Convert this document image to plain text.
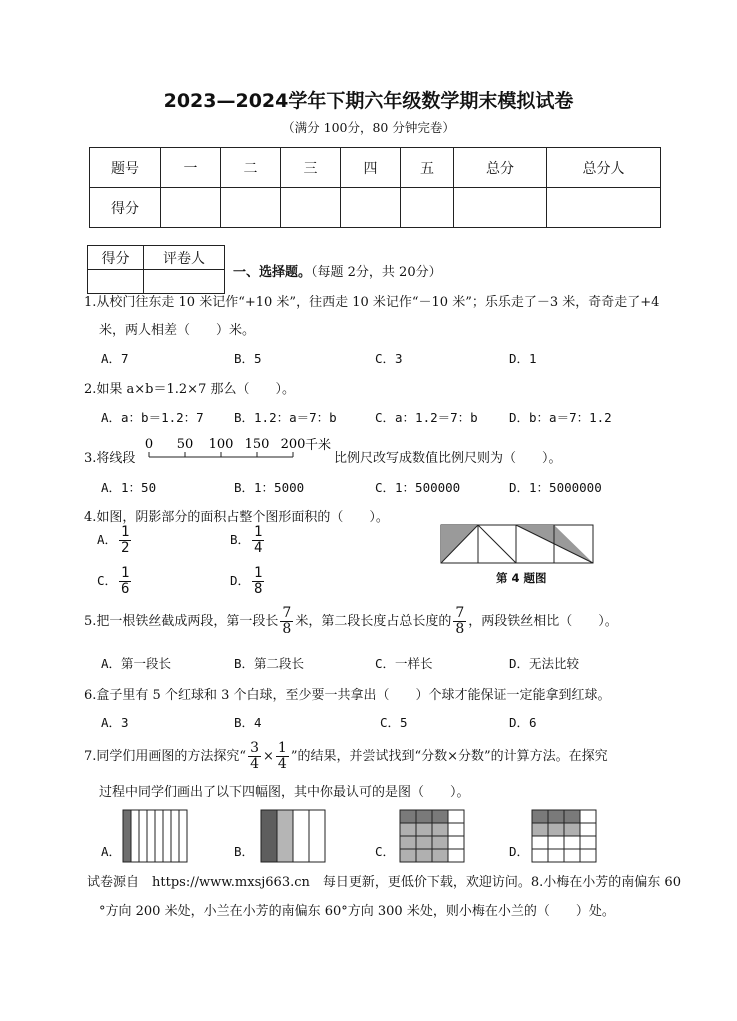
2023—2024学年下期六年级数学期末模拟试卷
（满分 100分，80 分钟完卷）
题号	一	二	三	四	五	总分	总分人
得分							
得分	评卷人

一、选择题。（每题 2分，共 20分）
1.从校门往东走 10 米记作“+10 米”，往西走 10 米记作“－10 米”；乐乐走了－3 米，奇奇走了+4
米，两人相差（　　）米。
A．7	B．5	C．3	D．1
2.如果 a×b＝1.2×7 那么（　　）。
A．a：b＝1.2：7 B．1.2：a＝7：b	C．a：1.2＝7：b	D．b：a＝7：1.2
3.将线段
0 50 100 150 200 千米
比例尺改写成数值比例尺则为（　　）。
A．1：50	B．1：5000	C．1：500000	D．1：5000000
4.如图，阴影部分的面积占整个图形面积的（　　）。
A． $\frac{1}{2}$	B． $\frac{1}{4}$
C． $\frac{1}{6}$	D． $\frac{1}{8}$	第 4 题图
5.把一根铁丝截成两段，第一段长 $\frac{7}{8}$ 米，第二段长度占总长度的 $\frac{7}{8}$ ，两段铁丝相比（　　）。
A．第一段长	B．第二段长	C．一样长	D．无法比较
6.盒子里有 5 个红球和 3 个白球，至少要一共拿出（　　）个球才能保证一定能拿到红球。
A．3	B．4	C．5	D．6
7.同学们用画图的方法探究“ $\frac{3}{4} \times \frac{1}{4}$ ”的结果，并尝试找到“分数×分数”的计算方法。在探究
过程中同学们画出了以下四幅图，其中你最认可的是图（　　）。
A．	B．	C．	D．
试卷源自　https://www.mxsj663.cn　每日更新，更低价下载，欢迎访问。8.小梅在小芳的南偏东 60
°方向 200 米处，小兰在小芳的南偏东 60°方向 300 米处，则小梅在小兰的（　　）处。
